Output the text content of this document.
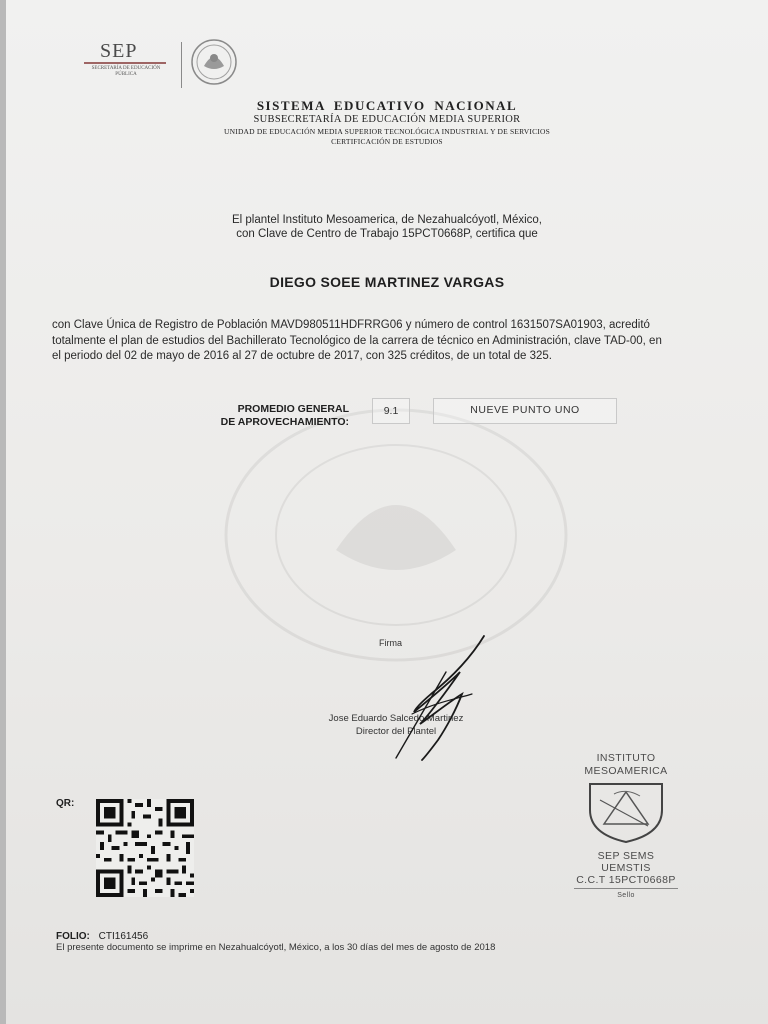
SEP
SECRETARÍA DE EDUCACIÓN PÚBLICA
SISTEMA EDUCATIVO NACIONAL
SUBSECRETARÍA DE EDUCACIÓN MEDIA SUPERIOR
UNIDAD DE EDUCACIÓN MEDIA SUPERIOR TECNOLÓGICA INDUSTRIAL Y DE SERVICIOS
CERTIFICACIÓN DE ESTUDIOS
El plantel Instituto Mesoamerica, de Nezahualcóyotl, México,
con Clave de Centro de Trabajo 15PCT0668P, certifica que
DIEGO SOEE MARTINEZ VARGAS
con Clave Única de Registro de Población MAVD980511HDFRRG06 y número de control 1631507SA01903, acreditó
totalmente el plan de estudios del Bachillerato Tecnológico de la carrera de técnico en Administración, clave TAD-00, en
el periodo del 02 de mayo de 2016 al 27 de octubre de 2017, con 325 créditos, de un total de 325.
PROMEDIO GENERAL
DE APROVECHAMIENTO:
9.1	NUEVE PUNTO UNO
Firma
Jose Eduardo Salcedo Martinez
Director del Plantel
INSTITUTO
MESOAMERICA
SEP SEMS
UEMSTIS
C.C.T 15PCT0668P
Sello
QR:
FOLIO: CTI161456
El presente documento se imprime en Nezahualcóyotl, México, a los 30 días del mes de agosto de 2018
